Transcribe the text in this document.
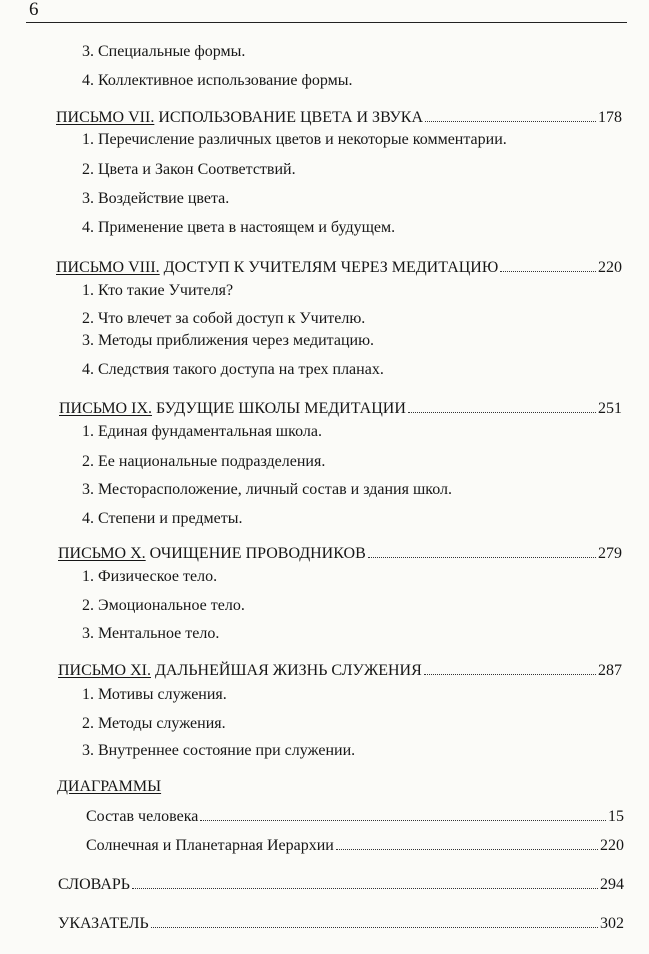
6
3. Специальные формы.
4. Коллективное использование формы.
ПИСЬМО VII. ИСПОЛЬЗОВАНИЕ ЦВЕТА И ЗВУКА	178
1. Перечисление различных цветов и некоторые комментарии.
2. Цвета и Закон Соответствий.
3. Воздействие цвета.
4. Применение цвета в настоящем и будущем.
ПИСЬМО VIII. ДОСТУП К УЧИТЕЛЯМ ЧЕРЕЗ МЕДИТАЦИЮ	220
1. Кто такие Учителя?
2. Что влечет за собой доступ к Учителю.
3. Методы приближения через медитацию.
4. Следствия такого доступа на трех планах.
ПИСЬМО IX. БУДУЩИЕ ШКОЛЫ МЕДИТАЦИИ	251
1. Единая фундаментальная школа.
2. Ее национальные подразделения.
3. Месторасположение, личный состав и здания школ.
4. Степени и предметы.
ПИСЬМО X. ОЧИЩЕНИЕ ПРОВОДНИКОВ	279
1. Физическое тело.
2. Эмоциональное тело.
3. Ментальное тело.
ПИСЬМО XI. ДАЛЬНЕЙШАЯ ЖИЗНЬ СЛУЖЕНИЯ	287
1. Мотивы служения.
2. Методы служения.
3. Внутреннее состояние при служении.
ДИАГРАММЫ
Состав человека	15
Солнечная и Планетарная Иерархии	220
СЛОВАРЬ	294
УКАЗАТЕЛЬ	302
